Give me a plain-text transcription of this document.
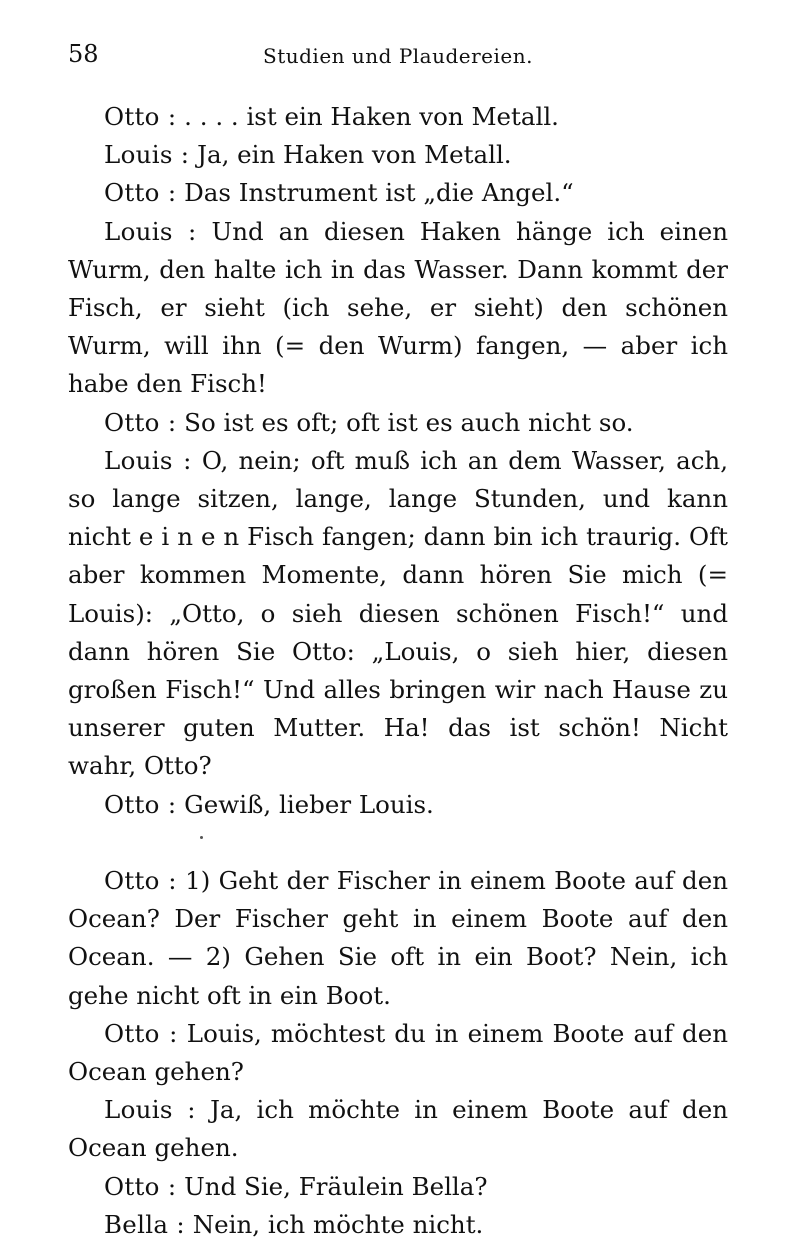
58	Studien und Plaudereien.

Otto : . . . . ist ein Haken von Metall.

Louis : Ja, ein Haken von Metall.

Otto : Das Instrument ist „die Angel.“

Louis : Und an diesen Haken hänge ich einen Wurm, den halte ich in das Wasser. Dann kommt der Fisch, er sieht (ich sehe, er sieht) den schönen Wurm, will ihn (= den Wurm) fangen, — aber ich habe den Fisch!

Otto : So ist es oft; oft ist es auch nicht so.

Louis : O, nein; oft muß ich an dem Wasser, ach, so lange sitzen, lange, lange Stunden, und kann nicht e i n e n Fisch fangen; dann bin ich traurig. Oft aber kommen Momente, dann hören Sie mich (= Louis): „Otto, o sieh diesen schönen Fisch!“ und dann hören Sie Otto: „Louis, o sieh hier, diesen großen Fisch!“ Und alles bringen wir nach Hause zu unserer guten Mutter. Ha! das ist schön! Nicht wahr, Otto?

Otto : Gewiß, lieber Louis.

Otto : 1) Geht der Fischer in einem Boote auf den Ocean? Der Fischer geht in einem Boote auf den Ocean. — 2) Gehen Sie oft in ein Boot? Nein, ich gehe nicht oft in ein Boot.

Otto : Louis, möchtest du in einem Boote auf den Ocean gehen?

Louis : Ja, ich möchte in einem Boote auf den Ocean gehen.

Otto : Und Sie, Fräulein Bella?

Bella : Nein, ich möchte nicht.
